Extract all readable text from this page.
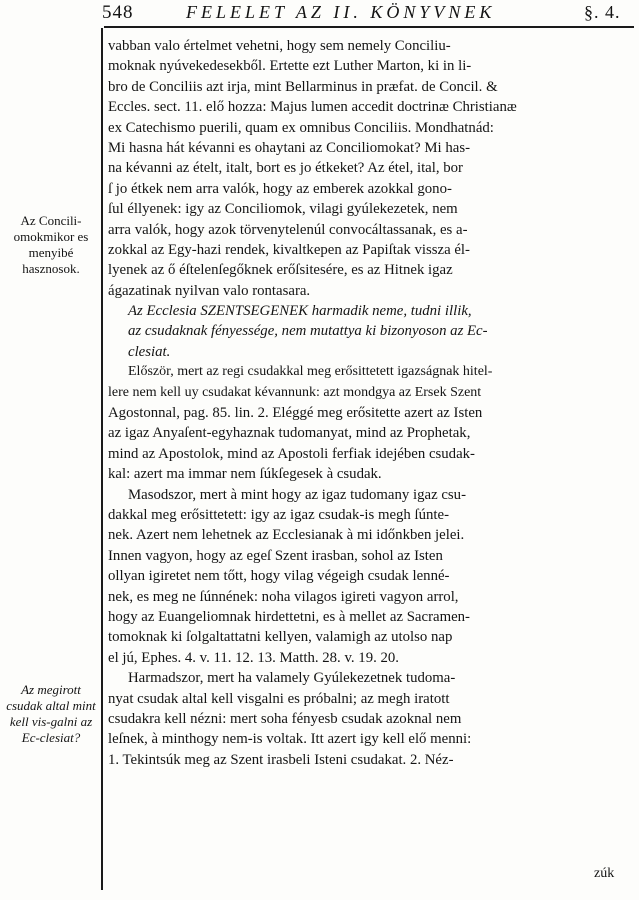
548	FELELET AZ II. KÖNYVNEK	§. 4.

Az Concili-omokmikor es menyibé hasznosok.

Az megirott csudak altal mint kell vis-galni az Ec-clesiat?

vabban valo értelmet vehetni, hogy sem nemely Conciliu-

moknak nyúvekedesekből. Ertette ezt Luther Marton, ki in li-

bro de Conciliis azt irja, mint Bellarminus in præfat. de Concil. &

Eccles. sect. 11. elő hozza: Majus lumen accedit doctrinæ Christianæ

ex Catechismo puerili, quam ex omnibus Conciliis. Mondhatnád:

Mi hasna hát kévanni es ohaytani az Conciliomokat? Mi has-

na kévanni az ételt, italt, bort es jo étkeket? Az étel, ital, bor

ſ jo étkek nem arra valók, hogy az emberek azokkal gono-

ſul éllyenek: igy az Conciliomok, vilagi gyúlekezetek, nem

arra valók, hogy azok törvenytelenúl convocáltassanak, es a-

zokkal az Egy-hazi rendek, kivaltkepen az Papiſtak vissza él-

lyenek az ő éſtelenſegőknek erőſsitesére, es az Hitnek igaz

ágazatinak nyilvan valo rontasara.

Az Ecclesia SZENTSEGENEK harmadik neme, tudni illik,

az csudaknak fényessége, nem mutattya ki bizonyoson az Ec-

clesiat.

Először, mert az regi csudakkal meg erősittetett igazságnak hitel-

lere nem kell uy csudakat kévannunk: azt mondgya az Ersek Szent

Agostonnal, pag. 85. lin. 2. Eléggé meg erősitette azert az Isten

az igaz Anyaſent-egyhaznak tudomanyat, mind az Prophetak,

mind az Apostolok, mind az Apostoli ferfiak idejében csudak-

kal: azert ma immar nem ſúkſegesek à csudak.

Masodszor, mert à mint hogy az igaz tudomany igaz csu-

dakkal meg erősittetett: igy az igaz csudak-is megh ſúnte-

nek. Azert nem lehetnek az Ecclesianak à mi időnkben jelei.

Innen vagyon, hogy az egeſ Szent irasban, sohol az Isten

ollyan igiretet nem tőtt, hogy vilag végeigh csudak lenné-

nek, es meg ne ſúnnének: noha vilagos igireti vagyon arrol,

hogy az Euangeliomnak hirdettetni, es à mellet az Sacramen-

tomoknak ki ſolgaltattatni kellyen, valamigh az utolso nap

el jú, Ephes. 4. v. 11. 12. 13. Matth. 28. v. 19. 20.

Harmadszor, mert ha valamely Gyúlekezetnek tudoma-

nyat csudak altal kell visgalni es próbalni; az megh iratott

csudakra kell nézni: mert soha fényesb csudak azoknal nem

leſnek, à minthogy nem-is voltak. Itt azert igy kell elő menni:

1. Tekintsúk meg az Szent irasbeli Isteni csudakat. 2. Néz-

zúk
